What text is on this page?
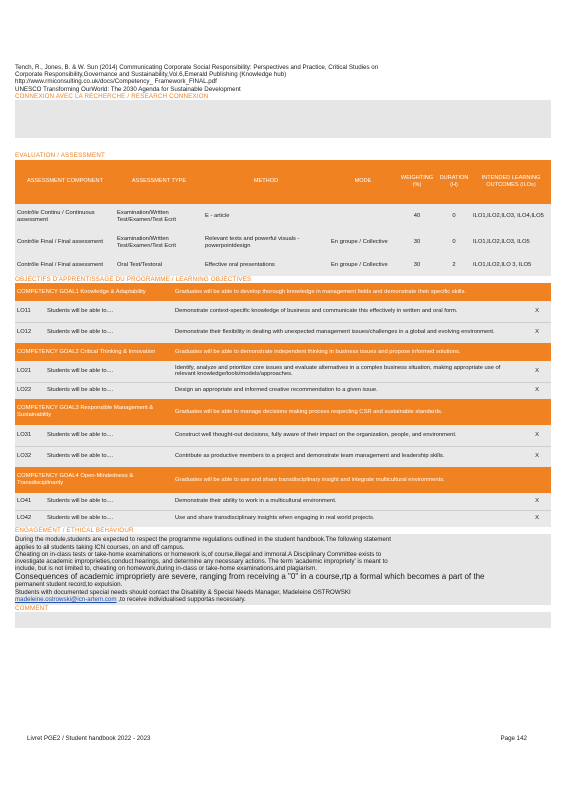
Tench, R., Jones, B. & W. Sun (2014) Communicating Corporate Social Responsibility: Perspectives and Practice, Critical Studies on
Corporate Responsibility,Governance and Sustainability,Vol.6,Emerald Publishing (Knowledge hub)
http://www.rmiconsulting.co.uk/docs/Competency_ Framework_FINAL.pdf
UNESCO Transforming OurWorld: The 2030 Agenda for Sustainable Development
CONNEXION AVEC LA RECHERCHE / RESEARCH CONNEXION
EVALUATION / ASSESSMENT
ASSESSMENT COMPONENT	ASSESSMENT TYPE	METHOD	MODE	WEIGHTING (%)	DURATION (H)	INTENDED LEARNING OUTCOMES (ILOs)
Contrôle Continu / Continuous assessment	Examination/Written Test/Examen/Test Ecrit	E - article		40	0	ILO1,ILO2,ILO3, ILO4,ILO5
Contrôle Final / Final assessment	Examination/Written Test/Examen/Test Ecrit	Relevant texts and powerful visuals - powerpointdesign	En groupe / Collective	30	0	ILO1,ILO2,ILO3, ILO5
Contrôle Final / Final assessment	Oral Test/Testoral	Effective oral presentations	En groupe / Collective	30	2	ILO1,ILO2,ILO 3, ILO5
OBJECTIFS D'APPRENTISSAGE DU PROGRAMME / LEARNING OBJECTIVES
COMPETENCY GOAL1 Knowledge & Adaptability		Graduates will be able to develop thorough knowledge in management fields and demonstrate their specific skills.	
LO11	Students will be able to....	Demonstrate context-specific knowledge of business and communicate this effectively in written and oral form.	X
LO12	Students will be able to....	Demonstrate their flexibility in dealing with unexpected management issues/challenges in a global and evolving environment.	X
COMPETENCY GOAL2 Critical Thinking & Innovation		Graduates will be able to demonstrate independent thinking in business issues and propose informed solutions.	
LO21	Students will be able to....	Identify, analyze and prioritize core issues and evaluate alternatives in a complex business situation, making appropriate use of relevant knowledge/tools/models/approaches.	X
LO22	Students will be able to....	Design an appropriate and informed creative recommendation to a given issue.	X
COMPETENCY GOAL3 Responsible Management & Sustainability		Graduates will be able to manage decisions making process respecting CSR and sustainable standards.	
LO31	Students will be able to....	Construct well thought-out decisions, fully aware of their impact on the organization, people, and environment.	X
LO32	Students will be able to....	Contribute as productive members to a project and demonstrate team management and leadership skills.	X
COMPETENCY GOAL4 Open-Mindedness & Transdisciplinarity		Graduates will be able to use and share transdisciplinary insight and integrate multicultural environments.	
LO41	Students will be able to....	Demonstrate their ability to work in a multicultural environment.	X
LO42	Students will be able to....	Use and share transdisciplinary insights when engaging in real world projects.	X
ENGAGEMENT / ETHICAL BEHAVIOUR
During the module,students are expected to respect the programme regulations outlined in the student handbook.The following statement
applies to all students taking ICN courses, on and off campus.
Cheating on in-class tests or take-home examinations or homework is,of course,illegal and immoral.A Disciplinary Committee exists to
investigate academic improprieties,conduct hearings, and determine any necessary actions. The term 'academic impropriety' is meant to
include, but is not limited to, cheating on homework,during in-class or take-home examinations,and plagiarism.
Consequences of academic impropriety are severe, ranging from receiving a "0" in a course,rtp a formal which becomes a part of the
permanent student record,to expulsion.
Students with documented special needs should contact the Disability & Special Needs Manager, Madeleine OSTROWSKI
madeleine.ostrowski@icn-artem.com ,to receive individualised supportas necessary.
COMMENT
Livret PGE2 / Student handbook 2022 - 2023	Page 142
